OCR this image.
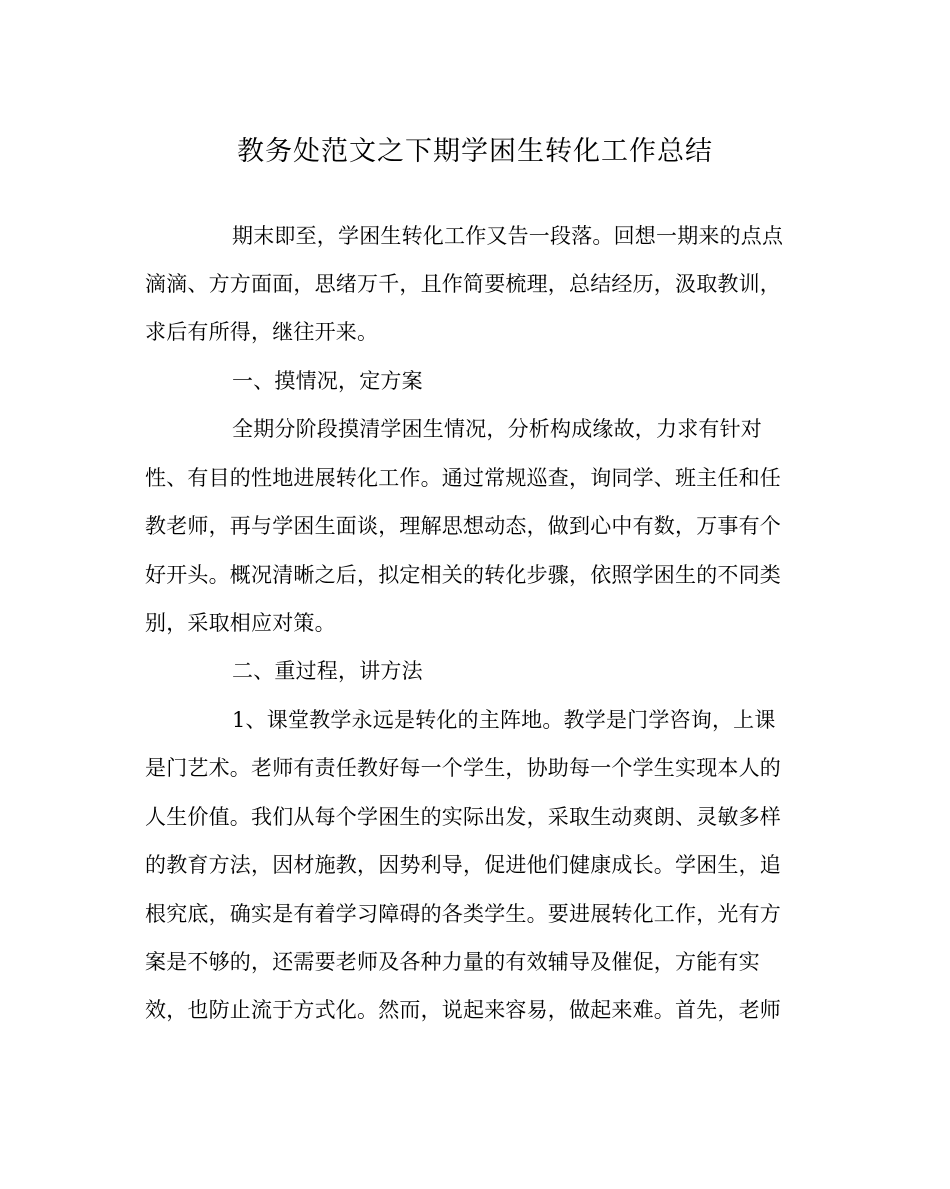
教务处范文之下期学困生转化工作总结
期末即至，学困生转化工作又告一段落。回想一期来的点点
滴滴、方方面面，思绪万千，且作简要梳理，总结经历，汲取教训，
求后有所得，继往开来。
一、摸情况，定方案
全期分阶段摸清学困生情况，分析构成缘故，力求有针对
性、有目的性地进展转化工作。通过常规巡查，询同学、班主任和任
教老师，再与学困生面谈，理解思想动态，做到心中有数，万事有个
好开头。概况清晰之后，拟定相关的转化步骤，依照学困生的不同类
别，采取相应对策。
二、重过程，讲方法
1、课堂教学永远是转化的主阵地。教学是门学咨询，上课
是门艺术。老师有责任教好每一个学生，协助每一个学生实现本人的
人生价值。我们从每个学困生的实际出发，采取生动爽朗、灵敏多样
的教育方法，因材施教，因势利导，促进他们健康成长。学困生，追
根究底，确实是有着学习障碍的各类学生。要进展转化工作，光有方
案是不够的，还需要老师及各种力量的有效辅导及催促，方能有实
效，也防止流于方式化。然而，说起来容易，做起来难。首先，老师
